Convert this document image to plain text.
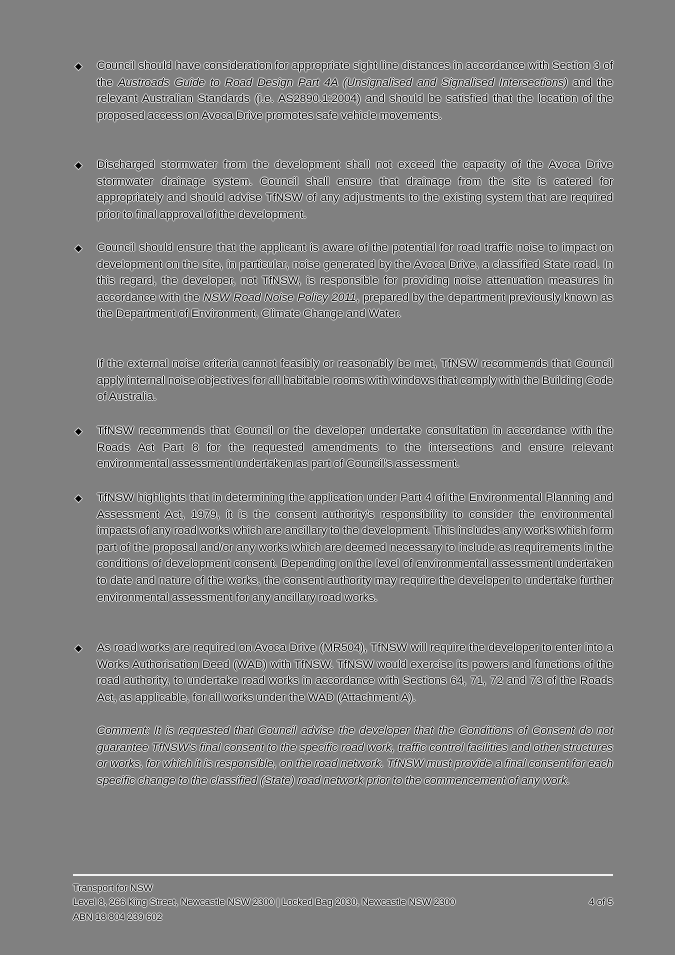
◆ Council should have consideration for appropriate sight line distances in accordance with Section 3 of the Austroads Guide to Road Design Part 4A (Unsignalised and Signalised Intersections) and the relevant Australian Standards (i.e. AS2890.1:2004) and should be satisfied that the location of the proposed access on Avoca Drive promotes safe vehicle movements.

◆ Discharged stormwater from the development shall not exceed the capacity of the Avoca Drive stormwater drainage system. Council shall ensure that drainage from the site is catered for appropriately and should advise TfNSW of any adjustments to the existing system that are required prior to final approval of the development.

◆ Council should ensure that the applicant is aware of the potential for road traffic noise to impact on development on the site, in particular, noise generated by the Avoca Drive, a classified State road. In this regard, the developer, not TfNSW, is responsible for providing noise attenuation measures in accordance with the NSW Road Noise Policy 2011, prepared by the department previously known as the Department of Environment, Climate Change and Water.

If the external noise criteria cannot feasibly or reasonably be met, TfNSW recommends that Council apply internal noise objectives for all habitable rooms with windows that comply with the Building Code of Australia.

◆ TfNSW recommends that Council or the developer undertake consultation in accordance with the Roads Act Part 8 for the requested amendments to the intersections and ensure relevant environmental assessment undertaken as part of Council's assessment.

◆ TfNSW highlights that in determining the application under Part 4 of the Environmental Planning and Assessment Act, 1979, it is the consent authority's responsibility to consider the environmental impacts of any road works which are ancillary to the development. This includes any works which form part of the proposal and/or any works which are deemed necessary to include as requirements in the conditions of development consent. Depending on the level of environmental assessment undertaken to date and nature of the works, the consent authority may require the developer to undertake further environmental assessment for any ancillary road works.

◆ As road works are required on Avoca Drive (MR504), TfNSW will require the developer to enter into a Works Authorisation Deed (WAD) with TfNSW. TfNSW would exercise its powers and functions of the road authority, to undertake road works in accordance with Sections 64, 71, 72 and 73 of the Roads Act, as applicable, for all works under the WAD (Attachment A).

Comment: It is requested that Council advise the developer that the Conditions of Consent do not guarantee TfNSW's final consent to the specific road work, traffic control facilities and other structures or works, for which it is responsible, on the road network. TfNSW must provide a final consent for each specific change to the classified (State) road network prior to the commencement of any work.

Transport for NSW
Level 8, 266 King Street, Newcastle NSW 2300 | Locked Bag 2030, Newcastle NSW 2300
ABN 18 804 239 602
4 of 5
